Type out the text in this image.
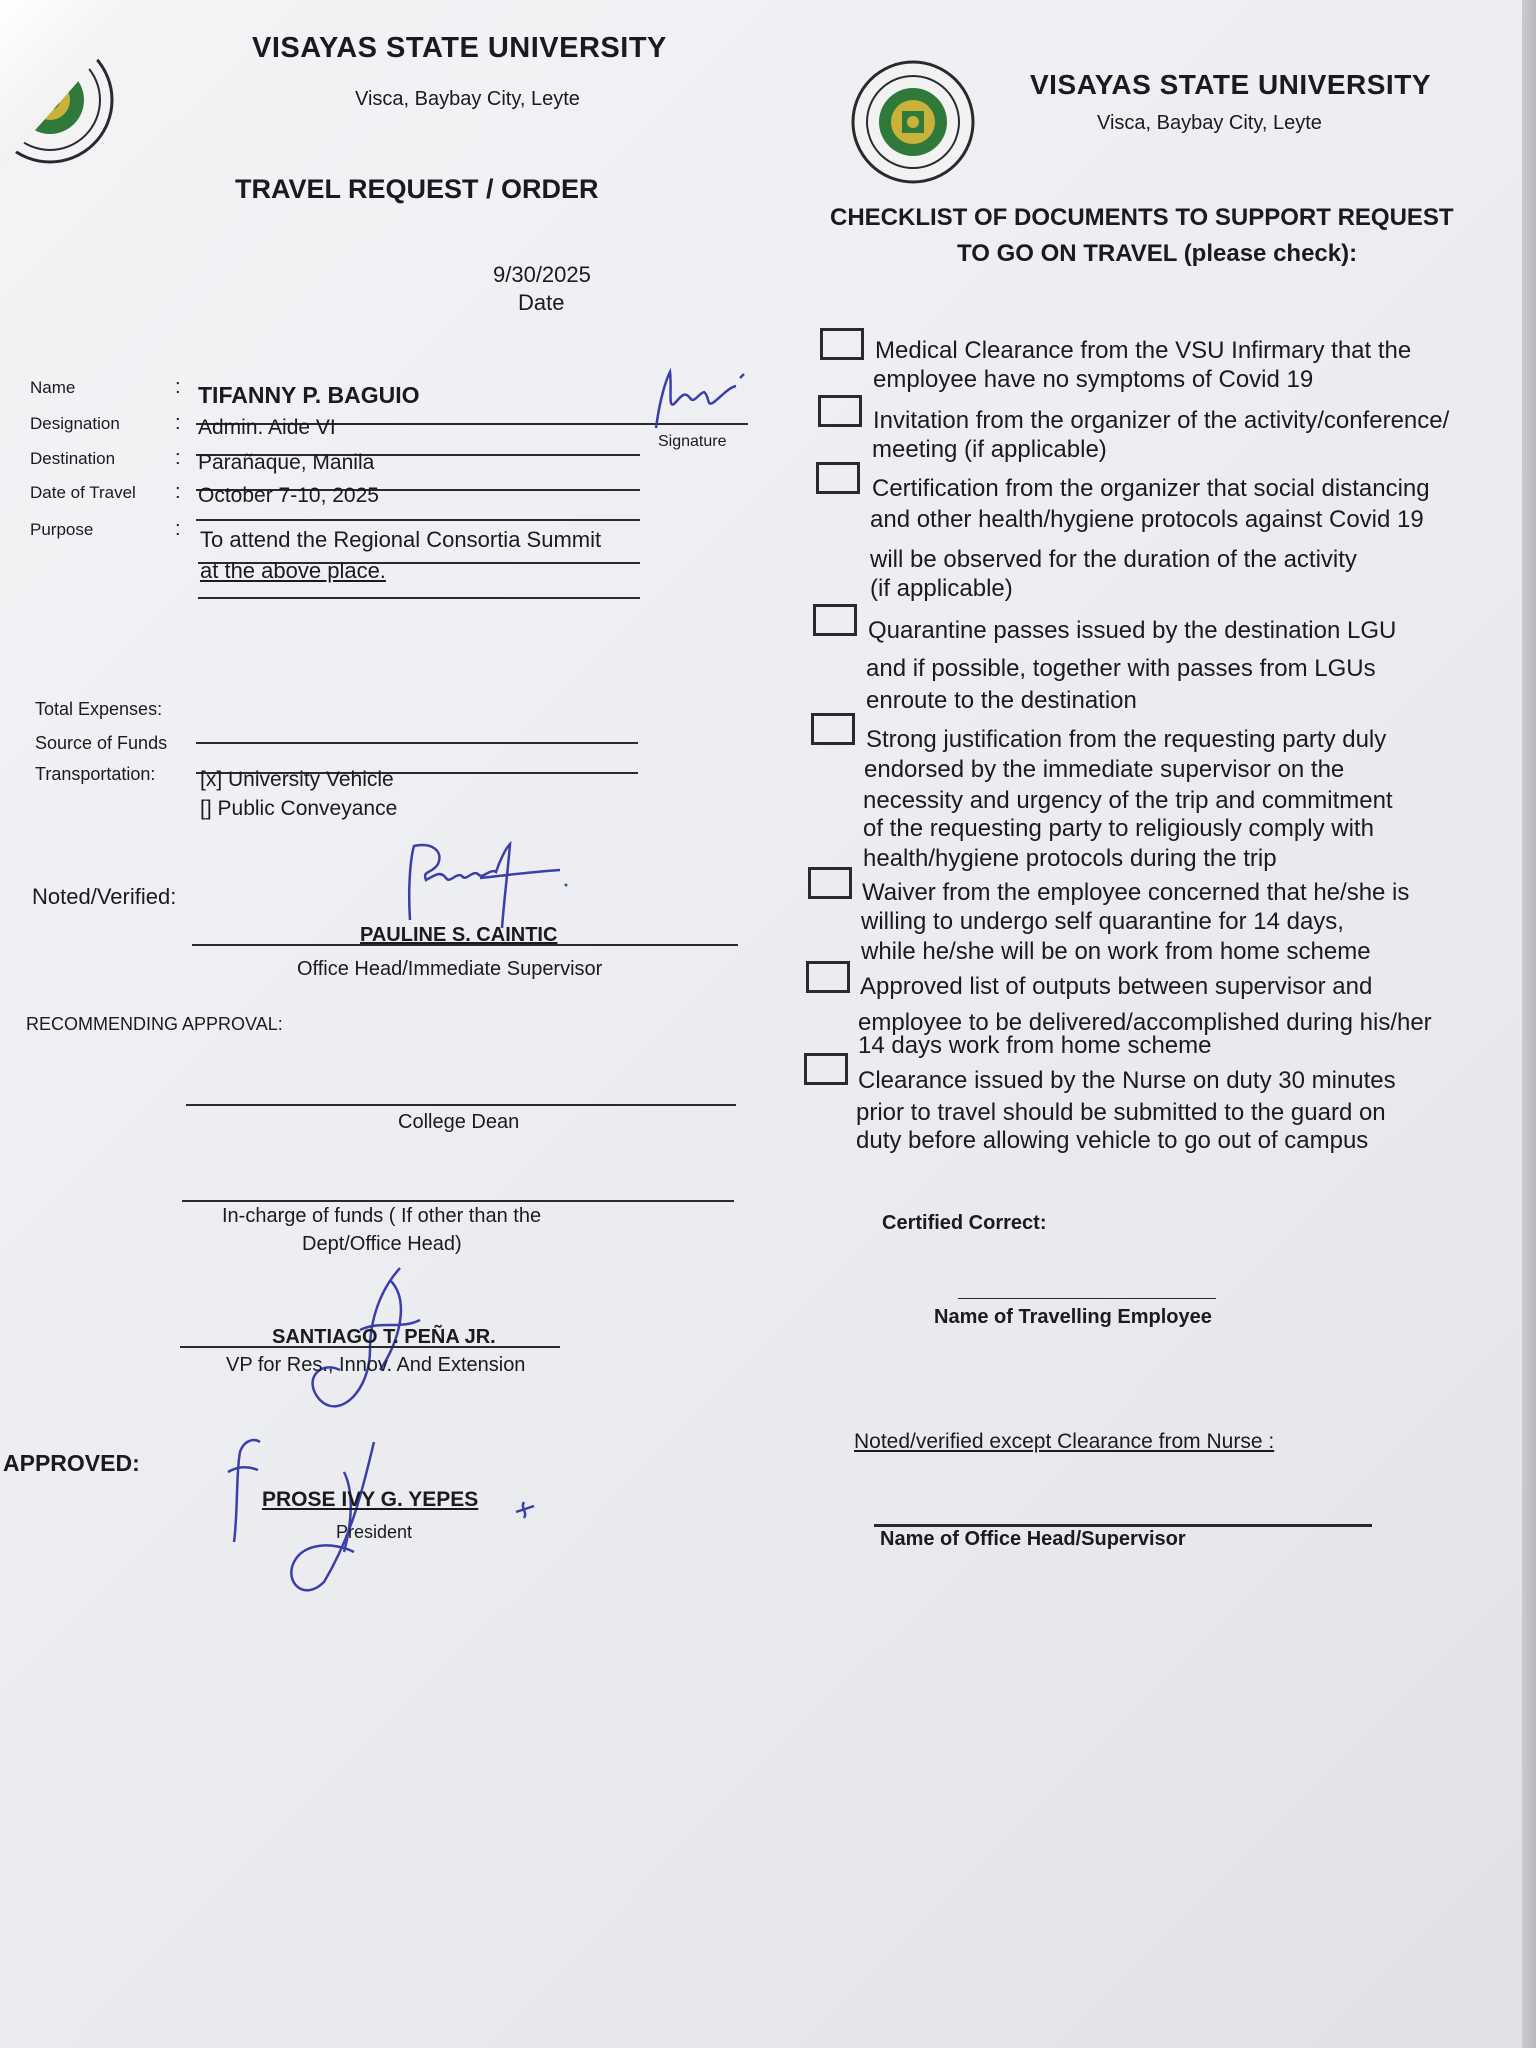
VISAYAS STATE UNIVERSITY
Visca, Baybay City, Leyte
TRAVEL REQUEST / ORDER
9/30/2025
Date
Name	: TIFANNY P. BAGUIO
Designation	: Admin. Aide VI
Destination	: Parañaque, Manila
Date of Travel : October 7-10, 2025
Purpose	: To attend the Regional Consortia Summit
at the above place.
Signature
Total Expenses:
Source of Funds
Transportation: [x] University Vehicle
[] Public Conveyance
Noted/Verified:
PAULINE S. CAINTIC
Office Head/Immediate Supervisor
RECOMMENDING APPROVAL:
College Dean
In-charge of funds ( If other than the
Dept/Office Head)
SANTIAGO T. PEÑA JR.
VP for Res., Innov. And Extension
APPROVED:
PROSE IVY G. YEPES
President
VISAYAS STATE UNIVERSITY
Visca, Baybay City, Leyte
CHECKLIST OF DOCUMENTS TO SUPPORT REQUEST
TO GO ON TRAVEL (please check):
Medical Clearance from the VSU Infirmary that the
employee have no symptoms of Covid 19
Invitation from the organizer of the activity/conference/
meeting (if applicable)
Certification from the organizer that social distancing
and other health/hygiene protocols against Covid 19
will be observed for the duration of the activity
(if applicable)
Quarantine passes issued by the destination LGU
and if possible, together with passes from LGUs
enroute to the destination
Strong justification from the requesting party duly
endorsed by the immediate supervisor on the
necessity and urgency of the trip and commitment
of the requesting party to religiously comply with
health/hygiene protocols during the trip
Waiver from the employee concerned that he/she is
willing to undergo self quarantine for 14 days,
while he/she will be on work from home scheme
Approved list of outputs between supervisor and
employee to be delivered/accomplished during his/her
14 days work from home scheme
Clearance issued by the Nurse on duty 30 minutes
prior to travel should be submitted to the guard on
duty before allowing vehicle to go out of campus
Certified Correct:
Name of Travelling Employee
Noted/verified except Clearance from Nurse :
Name of Office Head/Supervisor
